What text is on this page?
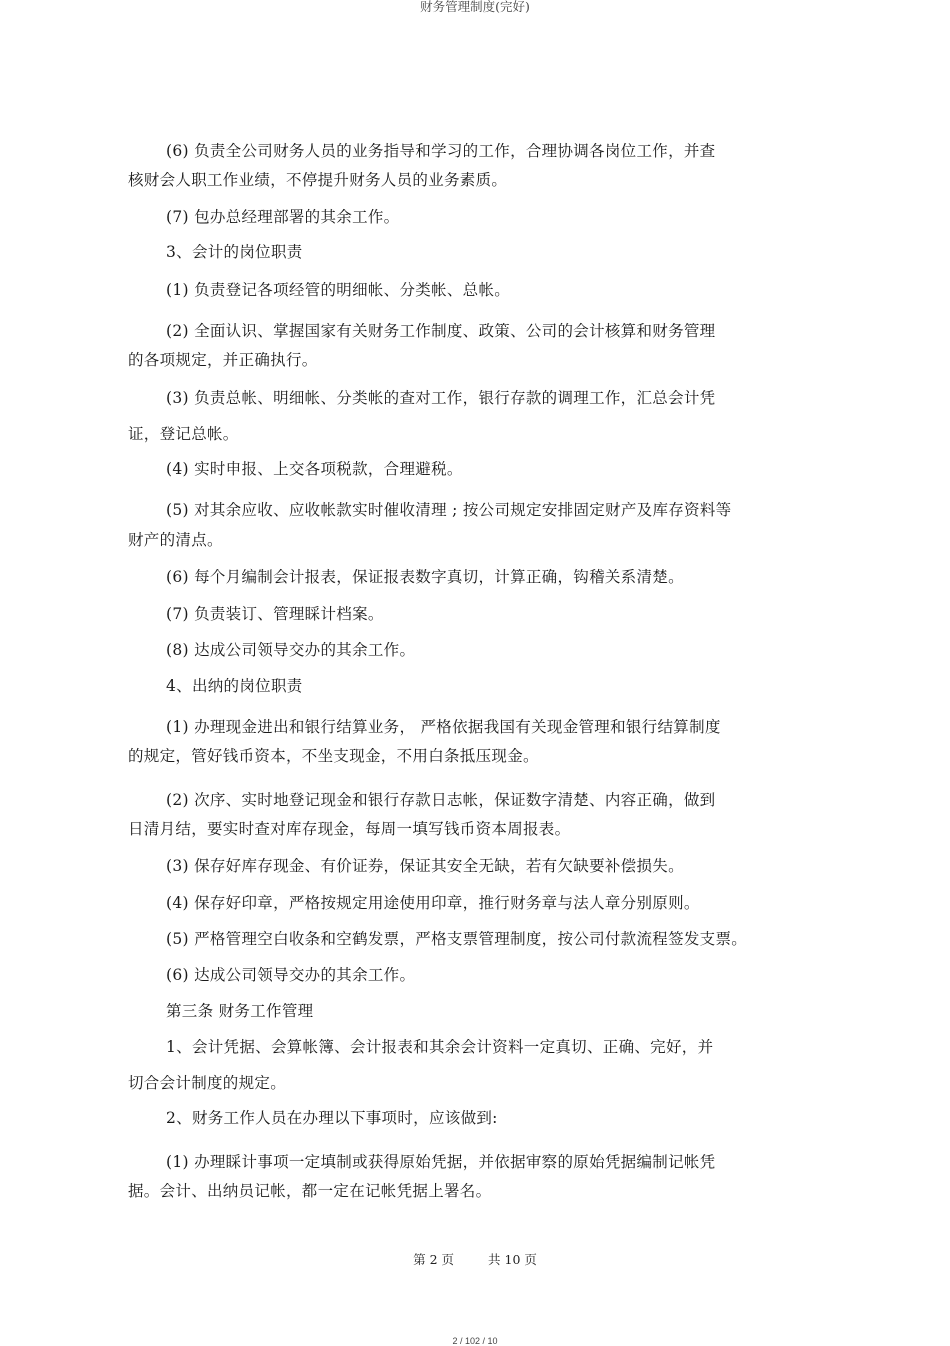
财务管理制度(完好)
(6) 负责全公司财务人员的业务指导和学习的工作，合理协调各岗位工作，并查
核财会人职工作业绩，不停提升财务人员的业务素质。
(7) 包办总经理部署的其余工作。
3、会计的岗位职责
(1) 负责登记各项经管的明细帐、分类帐、总帐。
(2) 全面认识、掌握国家有关财务工作制度、政策、公司的会计核算和财务管理
的各项规定，并正确执行。
(3) 负责总帐、明细帐、分类帐的查对工作，银行存款的调理工作，汇总会计凭
证，登记总帐。
(4) 实时申报、上交各项税款，合理避税。
(5) 对其余应收、应收帐款实时催收清理 ; 按公司规定安排固定财产及库存资料等
财产的清点。
(6) 每个月编制会计报表，保证报表数字真切，计算正确，钩稽关系清楚。
(7) 负责装订、管理睬计档案。
(8) 达成公司领导交办的其余工作。
4、出纳的岗位职责
(1) 办理现金进出和银行结算业务， 严格依据我国有关现金管理和银行结算制度
的规定，管好钱币资本，不坐支现金，不用白条抵压现金。
(2) 次序、实时地登记现金和银行存款日志帐，保证数字清楚、内容正确，做到
日清月结，要实时查对库存现金，每周一填写钱币资本周报表。
(3) 保存好库存现金、有价证券，保证其安全无缺，若有欠缺要补偿损失。
(4) 保存好印章，严格按规定用途使用印章，推行财务章与法人章分别原则。
(5) 严格管理空白收条和空鹤发票，严格支票管理制度，按公司付款流程签发支票。
(6) 达成公司领导交办的其余工作。
第三条 财务工作管理
1、会计凭据、会算帐簿、会计报表和其余会计资料一定真切、正确、完好，并
切合会计制度的规定。
2、财务工作人员在办理以下事项时，应该做到:
(1) 办理睬计事项一定填制或获得原始凭据，并依据审察的原始凭据编制记帐凭
据。会计、出纳员记帐，都一定在记帐凭据上署名。
第 2 页	共 10 页
2 / 102 / 10
